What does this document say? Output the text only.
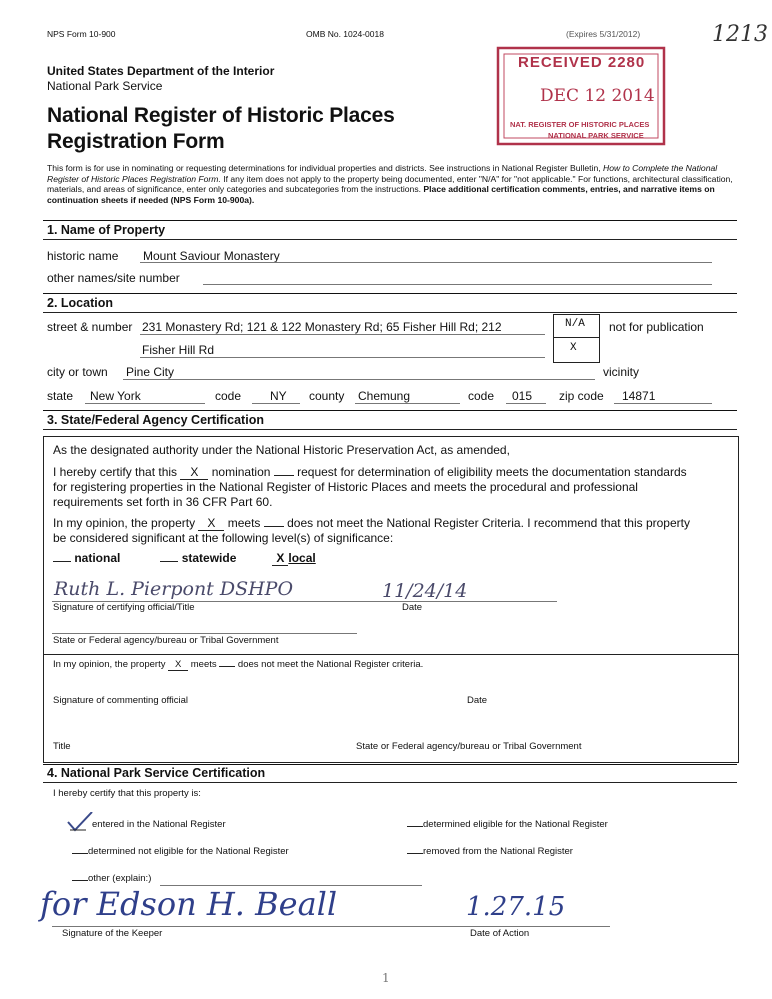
NPS Form 10-900	OMB No. 1024-0018	(Expires 5/31/2012)	1213
RECEIVED 2280
DEC 12 2014
NAT. REGISTER OF HISTORIC PLACES
NATIONAL PARK SERVICE
United States Department of the Interior
National Park Service
National Register of Historic Places
Registration Form
This form is for use in nominating or requesting determinations for individual properties and districts. See instructions in National Register Bulletin, How to Complete the National Register of Historic Places Registration Form. If any item does not apply to the property being documented, enter "N/A" for "not applicable." For functions, architectural classification, materials, and areas of significance, enter only categories and subcategories from the instructions. Place additional certification comments, entries, and narrative items on continuation sheets if needed (NPS Form 10-900a).
1. Name of Property
historic name Mount Saviour Monastery
other names/site number
2. Location
street & number 231 Monastery Rd; 121 & 122 Monastery Rd; 65 Fisher Hill Rd; 212
Fisher Hill Rd
N/A not for publication
X
city or town Pine City	vicinity
state New York	code NY county Chemung	code 015 zip code 14871
3. State/Federal Agency Certification
As the designated authority under the National Historic Preservation Act, as amended,
I hereby certify that this X nomination  request for determination of eligibility meets the documentation standards
for registering properties in the National Register of Historic Places and meets the procedural and professional
requirements set forth in 36 CFR Part 60.
In my opinion, the property X meets  does not meet the National Register Criteria. I recommend that this property
be considered significant at the following level(s) of significance:
national	statewide	X local
Ruth L. Pierpont DSHPO	11/24/14
Signature of certifying official/Title	Date
State or Federal agency/bureau or Tribal Government
In my opinion, the property X meets  does not meet the National Register criteria.
Signature of commenting official	Date
Title	State or Federal agency/bureau or Tribal Government
4. National Park Service Certification
I hereby certify that this property is:
entered in the National Register	determined eligible for the National Register
determined not eligible for the National Register	removed from the National Register
other (explain:)
for Edson H. Beall	1.27.15
Signature of the Keeper	Date of Action
1
